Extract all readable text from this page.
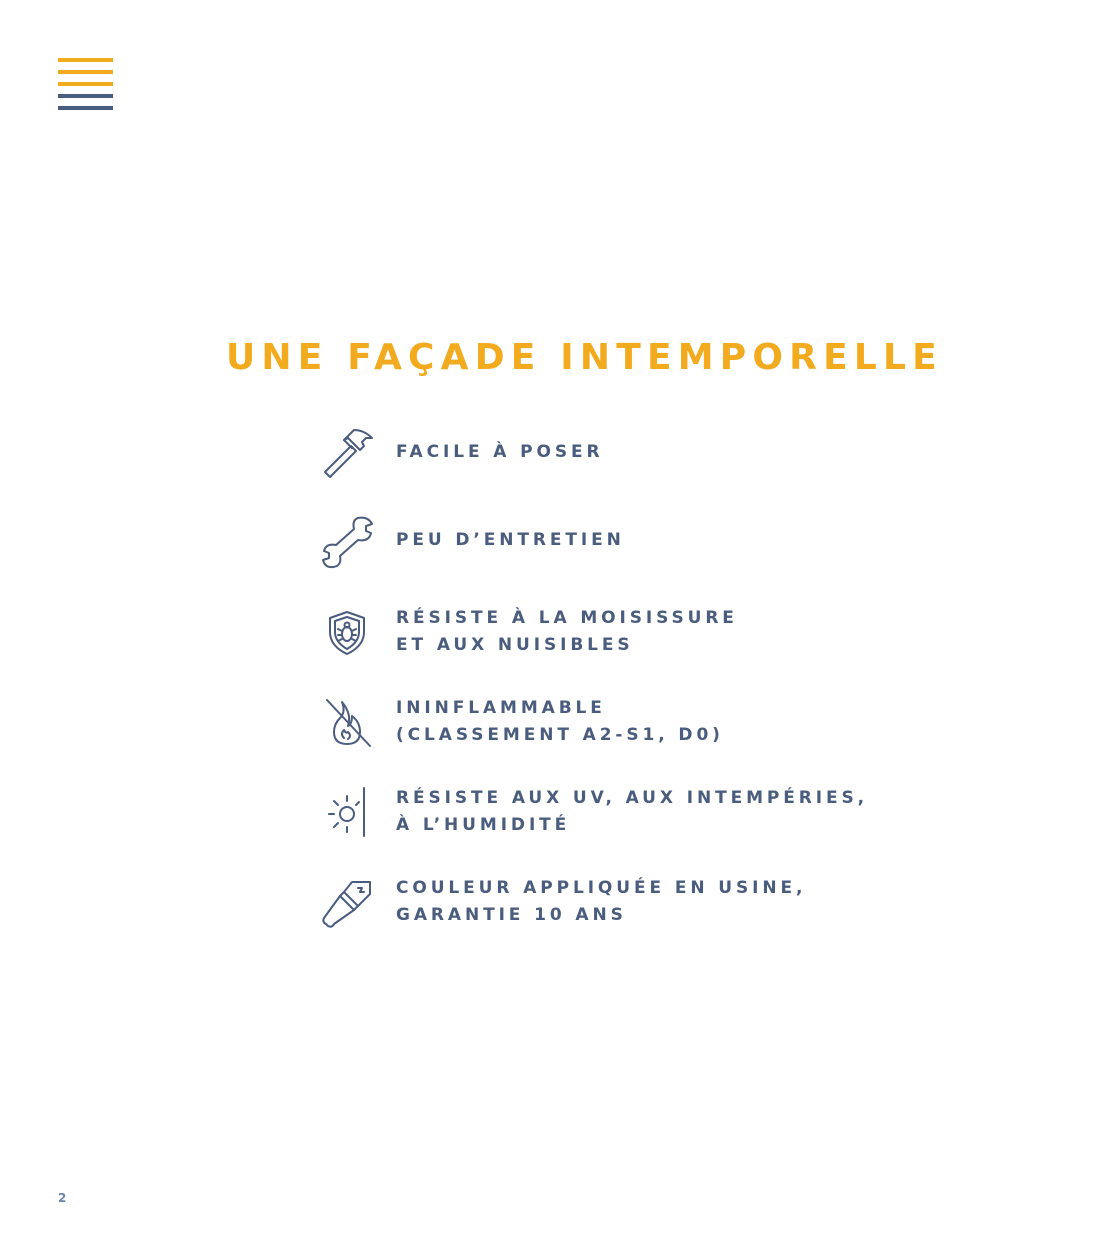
UNE FAÇADE INTEMPORELLE

FACILE À POSER

PEU D’ENTRETIEN

RÉSISTE À LA MOISISSURE

ET AUX NUISIBLES

ININFLAMMABLE

(CLASSEMENT A2-S1, D0)

RÉSISTE AUX UV, AUX INTEMPÉRIES,

À L’HUMIDITÉ

COULEUR APPLIQUÉE EN USINE,

GARANTIE 10 ANS

2
